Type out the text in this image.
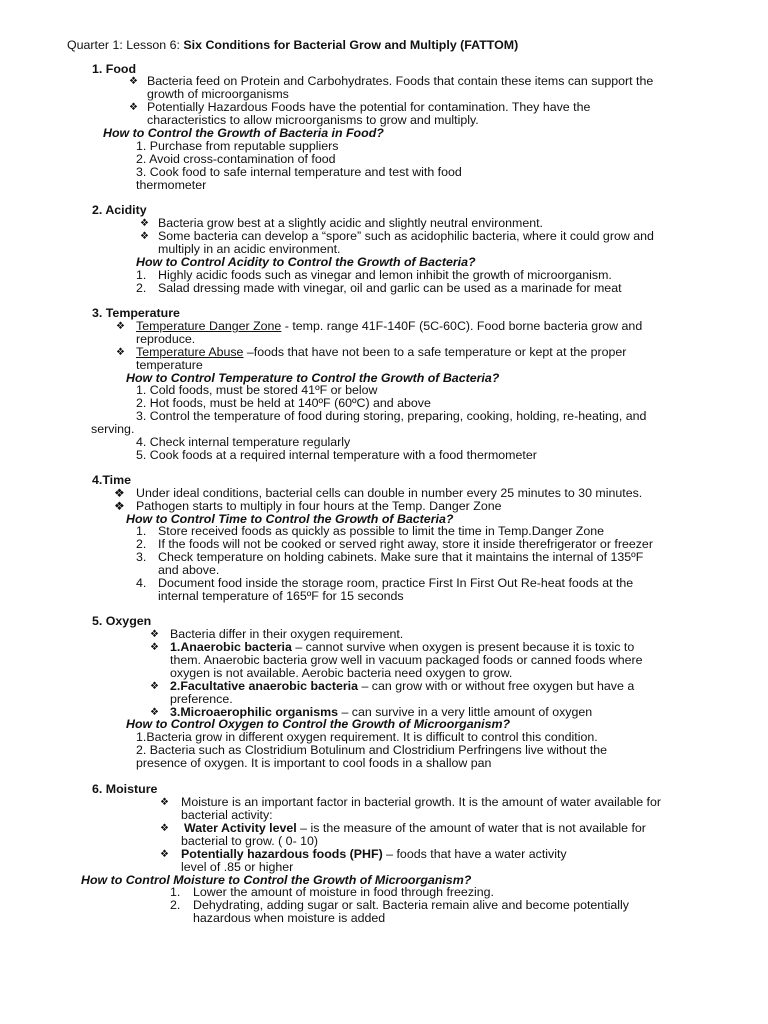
Quarter 1: Lesson 6: Six Conditions for Bacterial Grow and Multiply (FATTOM)
1. Food
❖ Bacteria feed on Protein and Carbohydrates. Foods that contain these items can support the
growth of microorganisms
❖ Potentially Hazardous Foods have the potential for contamination. They have the
characteristics to allow microorganisms to grow and multiply.
How to Control the Growth of Bacteria in Food?
1. Purchase from reputable suppliers
2. Avoid cross-contamination of food
3. Cook food to safe internal temperature and test with food
thermometer
2. Acidity
❖ Bacteria grow best at a slightly acidic and slightly neutral environment.
❖ Some bacteria can develop a “spore” such as acidophilic bacteria, where it could grow and
multiply in an acidic environment.
How to Control Acidity to Control the Growth of Bacteria?
1. Highly acidic foods such as vinegar and lemon inhibit the growth of microorganism.
2. Salad dressing made with vinegar, oil and garlic can be used as a marinade for meat
3. Temperature
❖ Temperature Danger Zone - temp. range 41F-140F (5C-60C). Food borne bacteria grow and
reproduce.
❖ Temperature Abuse –foods that have not been to a safe temperature or kept at the proper
temperature
How to Control Temperature to Control the Growth of Bacteria?
1. Cold foods, must be stored 41ºF or below
2. Hot foods, must be held at 140ºF (60ºC) and above
3. Control the temperature of food during storing, preparing, cooking, holding, re-heating, and
serving.
4. Check internal temperature regularly
5. Cook foods at a required internal temperature with a food thermometer
4.Time
❖ Under ideal conditions, bacterial cells can double in number every 25 minutes to 30 minutes.
❖ Pathogen starts to multiply in four hours at the Temp. Danger Zone
How to Control Time to Control the Growth of Bacteria?
1. Store received foods as quickly as possible to limit the time in Temp.Danger Zone
2. If the foods will not be cooked or served right away, store it inside therefrigerator or freezer
3. Check temperature on holding cabinets. Make sure that it maintains the internal of 135ºF
and above.
4. Document food inside the storage room, practice First In First Out Re-heat foods at the
internal temperature of 165ºF for 15 seconds
5. Oxygen
❖ Bacteria differ in their oxygen requirement.
❖ 1.Anaerobic bacteria – cannot survive when oxygen is present because it is toxic to
them. Anaerobic bacteria grow well in vacuum packaged foods or canned foods where
oxygen is not available. Aerobic bacteria need oxygen to grow.
❖ 2.Facultative anaerobic bacteria – can grow with or without free oxygen but have a
preference.
❖ 3.Microaerophilic organisms – can survive in a very little amount of oxygen
How to Control Oxygen to Control the Growth of Microorganism?
1.Bacteria grow in different oxygen requirement. It is difficult to control this condition.
2. Bacteria such as Clostridium Botulinum and Clostridium Perfringens live without the
presence of oxygen. It is important to cool foods in a shallow pan
6. Moisture
❖ Moisture is an important factor in bacterial growth. It is the amount of water available for
bacterial activity:
❖ Water Activity level – is the measure of the amount of water that is not available for
bacterial to grow. ( 0- 10)
❖ Potentially hazardous foods (PHF) – foods that have a water activity
level of .85 or higher
How to Control Moisture to Control the Growth of Microorganism?
1. Lower the amount of moisture in food through freezing.
2. Dehydrating, adding sugar or salt. Bacteria remain alive and become potentially
hazardous when moisture is added
